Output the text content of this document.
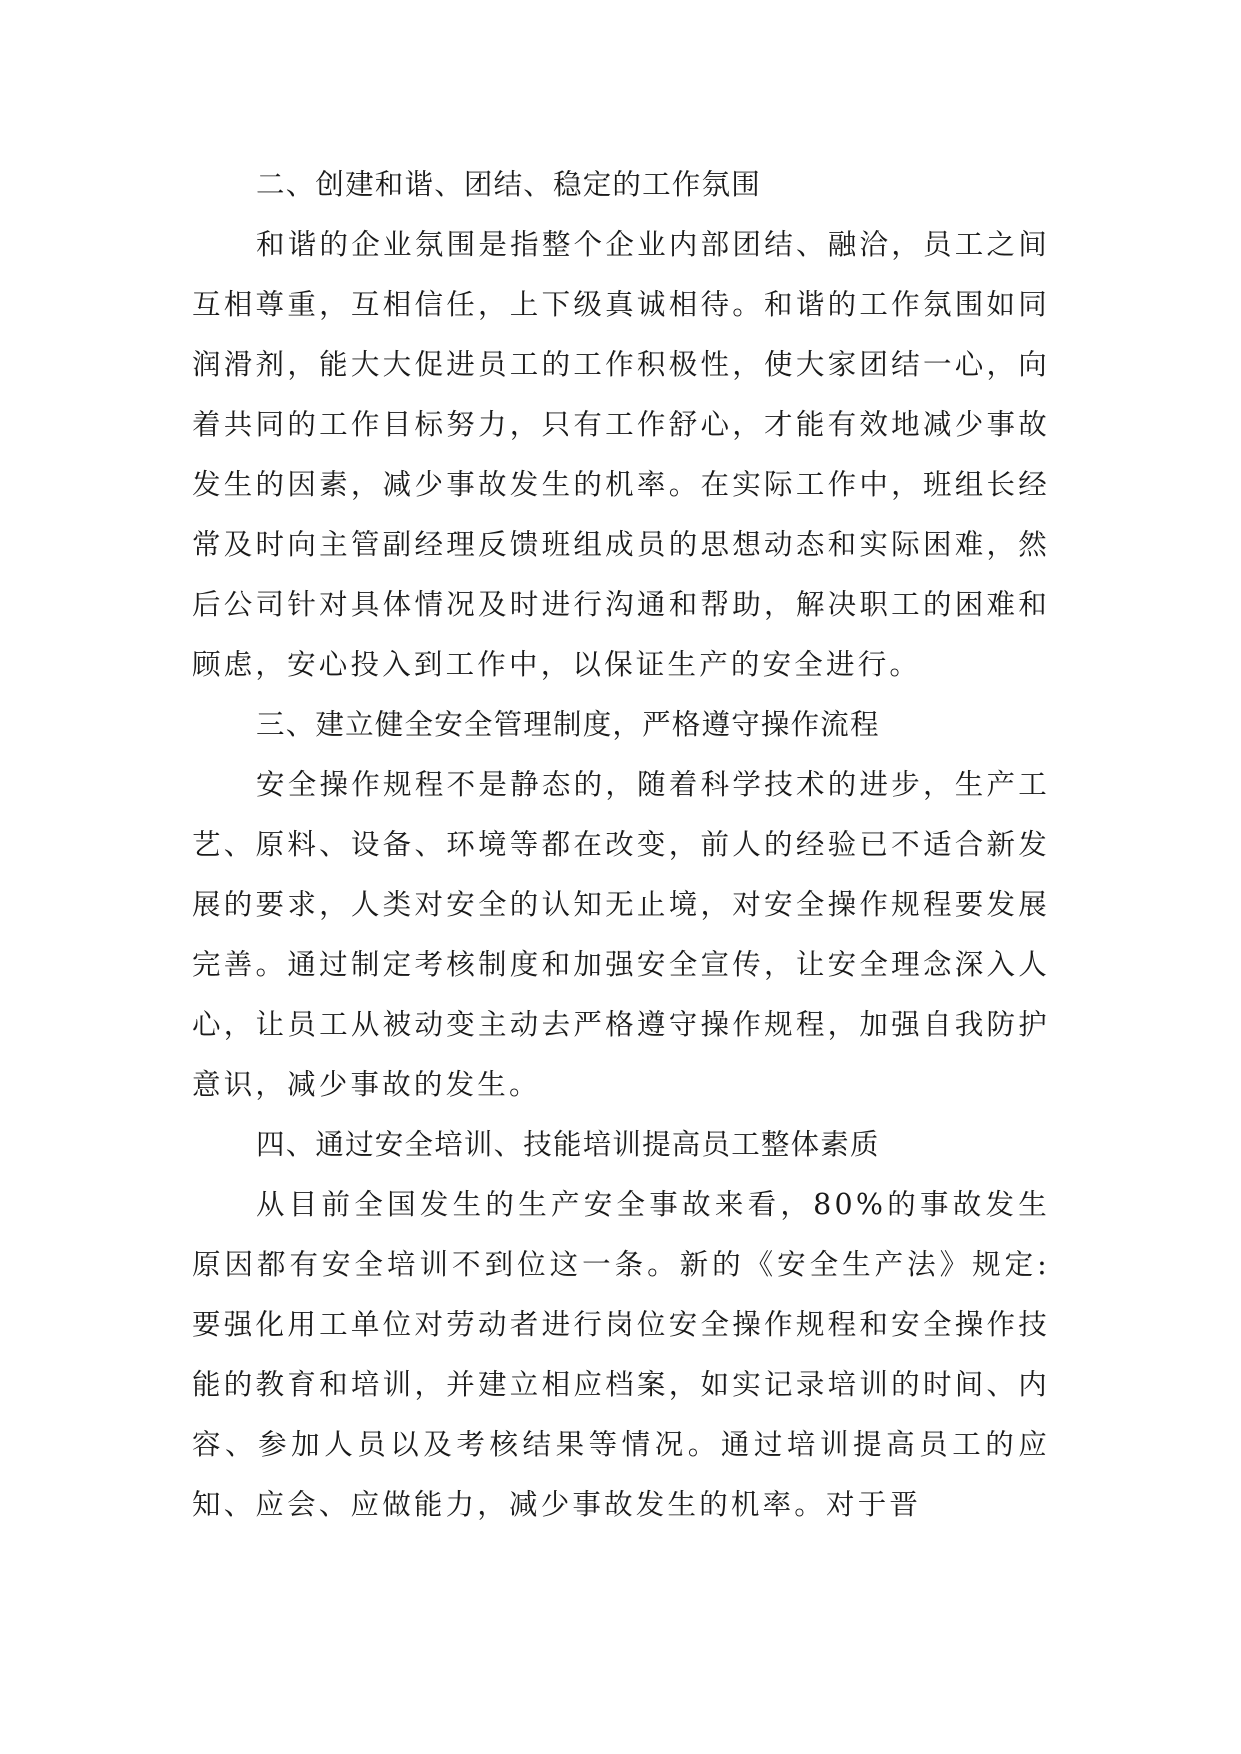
二、创建和谐、团结、稳定的工作氛围

和谐的企业氛围是指整个企业内部团结、融洽，员工之间互相尊重，互相信任，上下级真诚相待。和谐的工作氛围如同润滑剂，能大大促进员工的工作积极性，使大家团结一心，向着共同的工作目标努力，只有工作舒心，才能有效地减少事故发生的因素，减少事故发生的机率。在实际工作中，班组长经常及时向主管副经理反馈班组成员的思想动态和实际困难，然后公司针对具体情况及时进行沟通和帮助，解决职工的困难和顾虑，安心投入到工作中，以保证生产的安全进行。

三、建立健全安全管理制度，严格遵守操作流程

安全操作规程不是静态的，随着科学技术的进步，生产工艺、原料、设备、环境等都在改变，前人的经验已不适合新发展的要求，人类对安全的认知无止境，对安全操作规程要发展完善。通过制定考核制度和加强安全宣传，让安全理念深入人心，让员工从被动变主动去严格遵守操作规程，加强自我防护意识，减少事故的发生。

四、通过安全培训、技能培训提高员工整体素质

从目前全国发生的生产安全事故来看，80%的事故发生原因都有安全培训不到位这一条。新的《安全生产法》规定:要强化用工单位对劳动者进行岗位安全操作规程和安全操作技能的教育和培训，并建立相应档案，如实记录培训的时间、内容、参加人员以及考核结果等情况。通过培训提高员工的应知、应会、应做能力，减少事故发生的机率。对于晋
